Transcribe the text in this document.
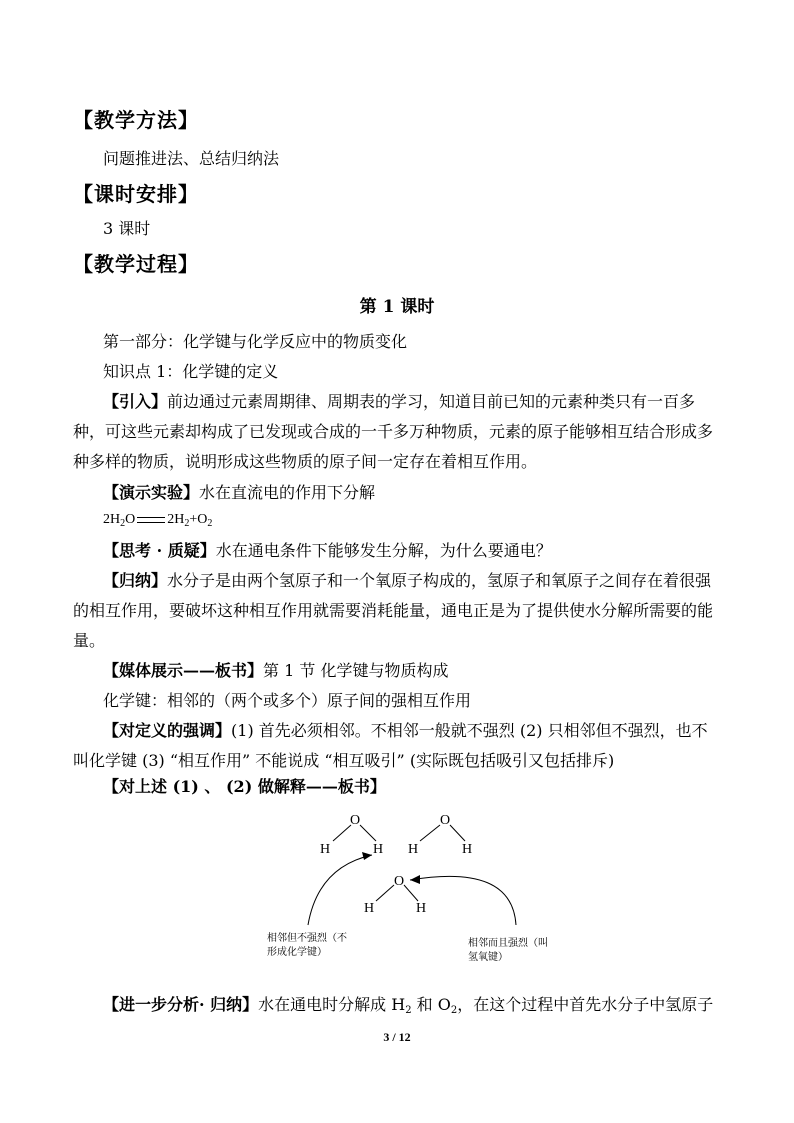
【教学方法】
问题推进法、总结归纳法
【课时安排】
3 课时
【教学过程】
第 1 课时
第一部分：化学键与化学反应中的物质变化
知识点 1：化学键的定义
【引入】前边通过元素周期律、周期表的学习，知道目前已知的元素种类只有一百多种，可这些元素却构成了已发现或合成的一千多万种物质，元素的原子能够相互结合形成多种多样的物质，说明形成这些物质的原子间一定存在着相互作用。
【演示实验】水在直流电的作用下分解
$2H_2O$ $2H_2+O_2$
【思考 · 质疑】水在通电条件下能够发生分解，为什么要通电？
【归纳】水分子是由两个氢原子和一个氧原子构成的，氢原子和氧原子之间存在着很强的相互作用，要破坏这种相互作用就需要消耗能量，通电正是为了提供使水分解所需要的能量。
【媒体展示——板书】第 1 节 化学键与物质构成
化学键：相邻的（两个或多个）原子间的强相互作用
【对定义的强调】(1) 首先必须相邻。不相邻一般就不强烈 (2) 只相邻但不强烈，也不叫化学键 (3) “相互作用” 不能说成 “相互吸引” (实际既包括吸引又包括排斥)
【对上述 (1) 、 (2) 做解释——板书】
O
H	H
O
H	H
O
H	H
相邻但不强烈（不
形成化学键）
相邻而且强烈（叫
氢氧键）
【进一步分析· 归纳】水在通电时分解成 $H_2$ 和 $O_2$，在这个过程中首先水分子中氢原子
3 / 12
